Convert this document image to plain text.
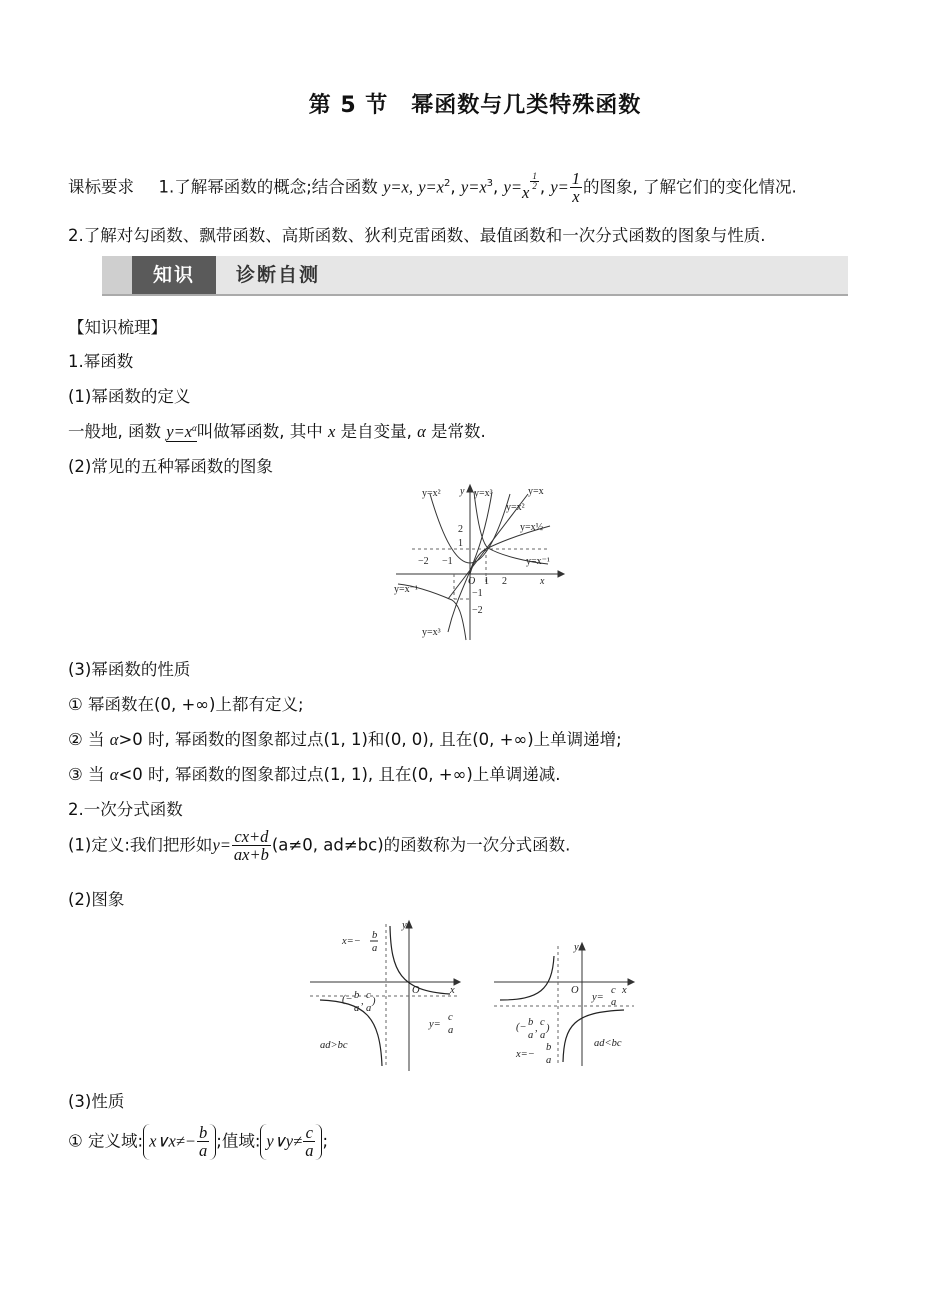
第 5 节　幂函数与几类特殊函数
课标要求 1.了解幂函数的概念;结合函数 y=x, $y=x^2$, $y=x^3$, y=x
$\frac{1}{2}$ , $y= \frac{1}{x}$ 的图象, 了解它们的变化情况.
2.了解对勾函数、飘带函数、高斯函数、狄利克雷函数、最值函数和一次分式函数的图象与性质.
知识	诊断自测
【知识梳理】
1.幂函数
(1)幂函数的定义
一般地, 函数 $y=x^\alpha$叫做幂函数, 其中 x 是自变量, α 是常数.
(2)常见的五种幂函数的图象
y=x² y y=x³	y=x
y=x²
y=x½
2
1
−2 −1	y=x⁻¹
O 1 2	x
y=x⁻¹	−1
−2
y=x³
(3)幂函数的性质
① 幂函数在(0, +∞)上都有定义;
② 当 α>0 时, 幂函数的图象都过点(1, 1)和(0, 0), 且在(0, +∞)上单调递增;
③ 当 α<0 时, 幂函数的图象都过点(1, 1), 且在(0, +∞)上单调递减.
2.一次分式函数
(1)定义:我们把形如$y= \frac{cx+d}{ax+b} (a\ne 0$, ad≠bc)的函数称为一次分式函数.
(2)图象
x=−
b
a
y
O	x
(− b
a
,
c
a
)
y=
c
a
ad>bc
y
O	x
y=
c
a
(− b
a
,
c
a
)
x=−
b
a
ad<bc
(3)性质
① 定义域: x∨x≠− $\frac{b}{a}$ ;值域: y∨y≠ $\frac{c}{a}$ ;
